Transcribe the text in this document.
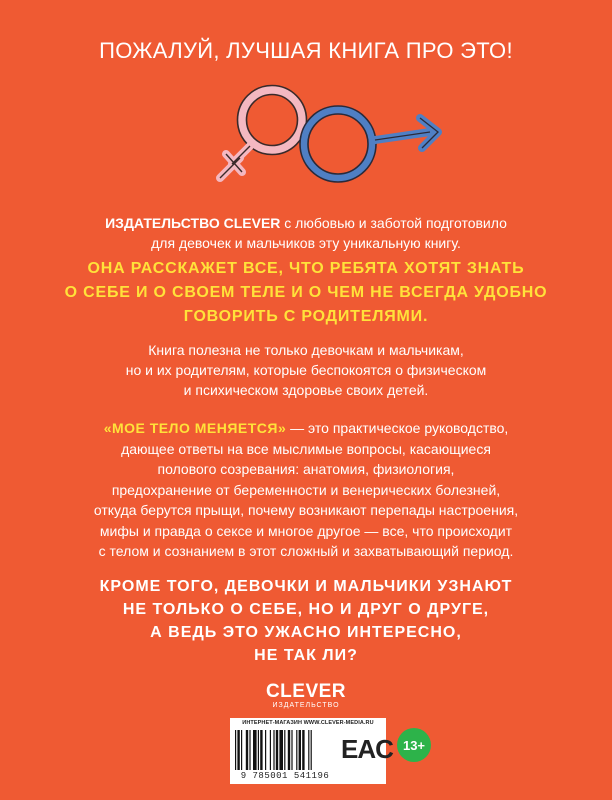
ПОЖАЛУЙ, ЛУЧШАЯ КНИГА ПРО ЭТО!
ИЗДАТЕЛЬСТВО CLEVER с любовью и заботой подготовило
для девочек и мальчиков эту уникальную книгу.
ОНА РАССКАЖЕТ ВСЕ, ЧТО РЕБЯТА ХОТЯТ ЗНАТЬ
О СЕБЕ И О СВОЕМ ТЕЛЕ И О ЧЕМ НЕ ВСЕГДА УДОБНО
ГОВОРИТЬ С РОДИТЕЛЯМИ.
Книга полезна не только девочкам и мальчикам,
но и их родителям, которые беспокоятся о физическом
и психическом здоровье своих детей.
«МОЕ ТЕЛО МЕНЯЕТСЯ» — это практическое руководство,
дающее ответы на все мыслимые вопросы, касающиеся
полового созревания: анатомия, физиология,
предохранение от беременности и венерических болезней,
откуда берутся прыщи, почему возникают перепады настроения,
мифы и правда о сексе и многое другое — все, что происходит
с телом и сознанием в этот сложный и захватывающий период.
КРОМЕ ТОГО, ДЕВОЧКИ И МАЛЬЧИКИ УЗНАЮТ
НЕ ТОЛЬКО О СЕБЕ, НО И ДРУГ О ДРУГЕ,
А ВЕДЬ ЭТО УЖАСНО ИНТЕРЕСНО,
НЕ ТАК ЛИ?
CLEVER
ИЗДАТЕЛЬСТВО
ИНТЕРНЕТ-МАГАЗИН WWW.CLEVER-MEDIA.RU
9 785001 541196
EAC 13+
